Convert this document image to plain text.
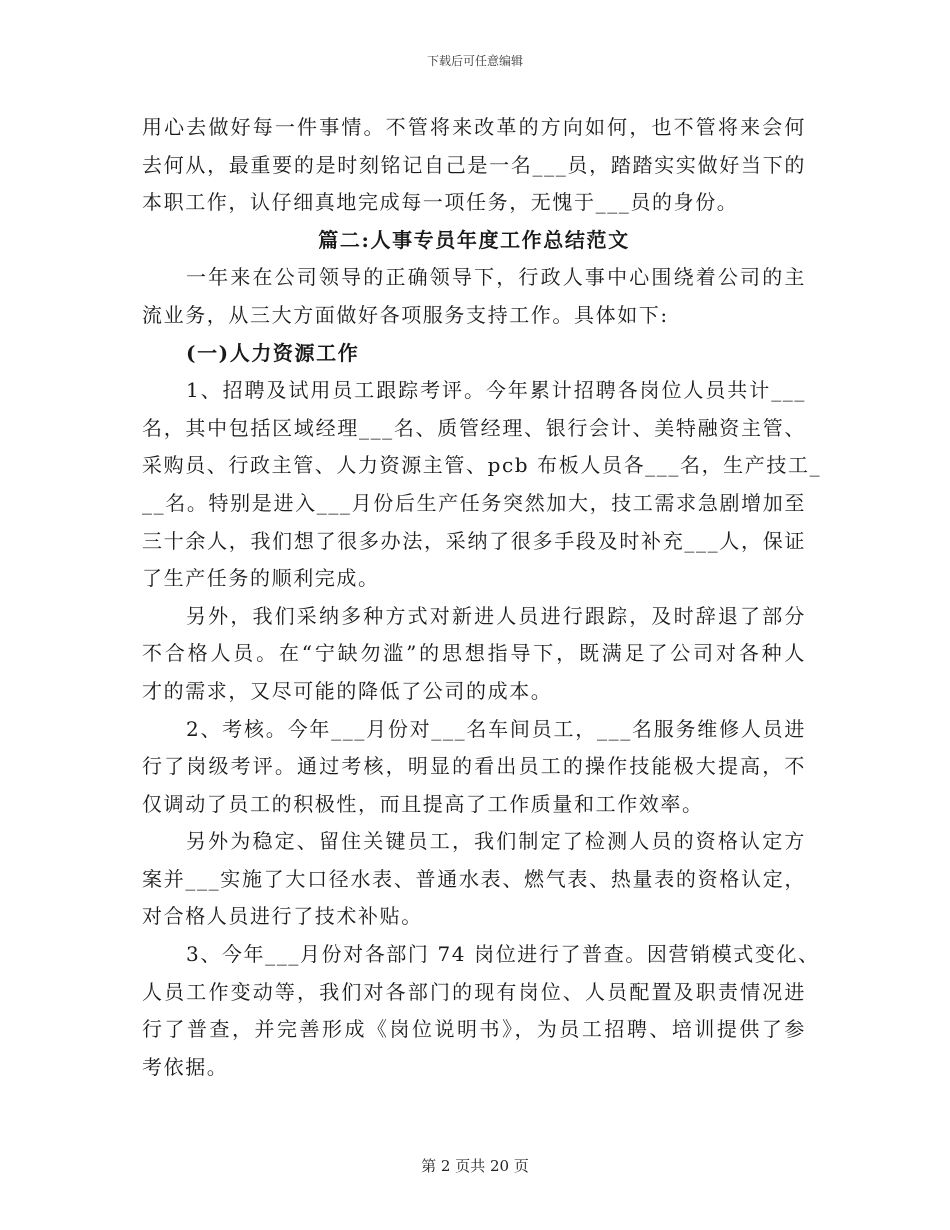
下载后可任意编辑
用心去做好每一件事情。不管将来改革的方向如何，也不管将来会何
去何从，最重要的是时刻铭记自己是一名___员，踏踏实实做好当下的
本职工作，认仔细真地完成每一项任务，无愧于___员的身份。
篇二:人事专员年度工作总结范文
一年来在公司领导的正确领导下，行政人事中心围绕着公司的主
流业务，从三大方面做好各项服务支持工作。具体如下:
(一)人力资源工作
1、招聘及试用员工跟踪考评。今年累计招聘各岗位人员共计___
名，其中包括区域经理___名、质管经理、银行会计、美特融资主管、
采购员、行政主管、人力资源主管、pcb 布板人员各___名，生产技工_
__名。特别是进入___月份后生产任务突然加大，技工需求急剧增加至
三十余人，我们想了很多办法，采纳了很多手段及时补充___人，保证
了生产任务的顺利完成。
另外，我们采纳多种方式对新进人员进行跟踪，及时辞退了部分
不合格人员。在“宁缺勿滥”的思想指导下，既满足了公司对各种人
才的需求，又尽可能的降低了公司的成本。
2、考核。今年___月份对___名车间员工，___名服务维修人员进
行了岗级考评。通过考核，明显的看出员工的操作技能极大提高，不
仅调动了员工的积极性，而且提高了工作质量和工作效率。
另外为稳定、留住关键员工，我们制定了检测人员的资格认定方
案并___实施了大口径水表、普通水表、燃气表、热量表的资格认定，
对合格人员进行了技术补贴。
3、今年___月份对各部门 74 岗位进行了普查。因营销模式变化、
人员工作变动等，我们对各部门的现有岗位、人员配置及职责情况进
行了普查，并完善形成《岗位说明书》，为员工招聘、培训提供了参
考依据。
第 2 页共 20 页
